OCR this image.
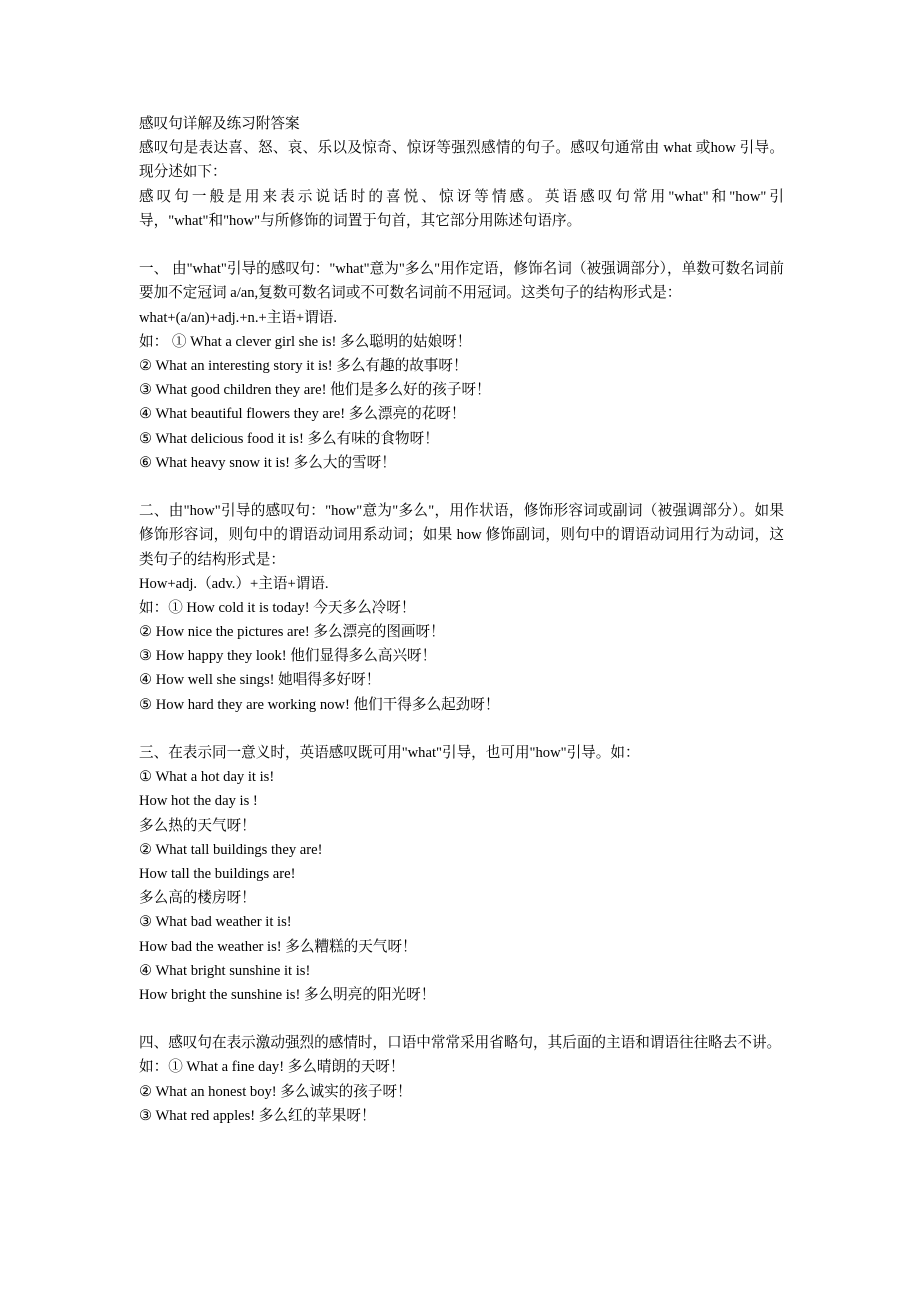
感叹句详解及练习附答案
感叹句是表达喜、怒、哀、乐以及惊奇、惊讶等强烈感情的句子。感叹句通常由 what 或how 引导。现分述如下：
感叹句一般是用来表示说话时的喜悦、惊讶等情感。英语感叹句常用"what"和"how"引导，"what"和"how"与所修饰的词置于句首，其它部分用陈述句语序。
一、 由"what"引导的感叹句："what"意为"多么"用作定语，修饰名词（被强调部分），单数可数名词前要加不定冠词 a/an,复数可数名词或不可数名词前不用冠词。这类句子的结构形式是：
what+(a/an)+adj.+n.+主语+谓语.
如： ① What a clever girl she is! 多么聪明的姑娘呀！
② What an interesting story it is! 多么有趣的故事呀！
③ What good children they are! 他们是多么好的孩子呀！
④ What beautiful flowers they are! 多么漂亮的花呀！
⑤ What delicious food it is! 多么有味的食物呀！
⑥ What heavy snow it is! 多么大的雪呀！
二、由"how"引导的感叹句："how"意为"多么"，用作状语，修饰形容词或副词（被强调部分）。如果修饰形容词，则句中的谓语动词用系动词；如果 how 修饰副词，则句中的谓语动词用行为动词，这类句子的结构形式是：
How+adj.（adv.）+主语+谓语.
如：① How cold it is today! 今天多么冷呀！
② How nice the pictures are! 多么漂亮的图画呀！
③ How happy they look! 他们显得多么高兴呀！
④ How well she sings! 她唱得多好呀！
⑤ How hard they are working now! 他们干得多么起劲呀！
三、在表示同一意义时，英语感叹既可用"what"引导，也可用"how"引导。如：
① What a hot day it is!
How hot the day is !
多么热的天气呀！
② What tall buildings they are!
How tall the buildings are!
多么高的楼房呀！
③ What bad weather it is!
How bad the weather is! 多么糟糕的天气呀！
④ What bright sunshine it is!
How bright the sunshine is! 多么明亮的阳光呀！
四、感叹句在表示激动强烈的感情时，口语中常常采用省略句，其后面的主语和谓语往往略去不讲。
如：① What a fine day! 多么晴朗的天呀！
② What an honest boy! 多么诚实的孩子呀！
③ What red apples! 多么红的苹果呀！
